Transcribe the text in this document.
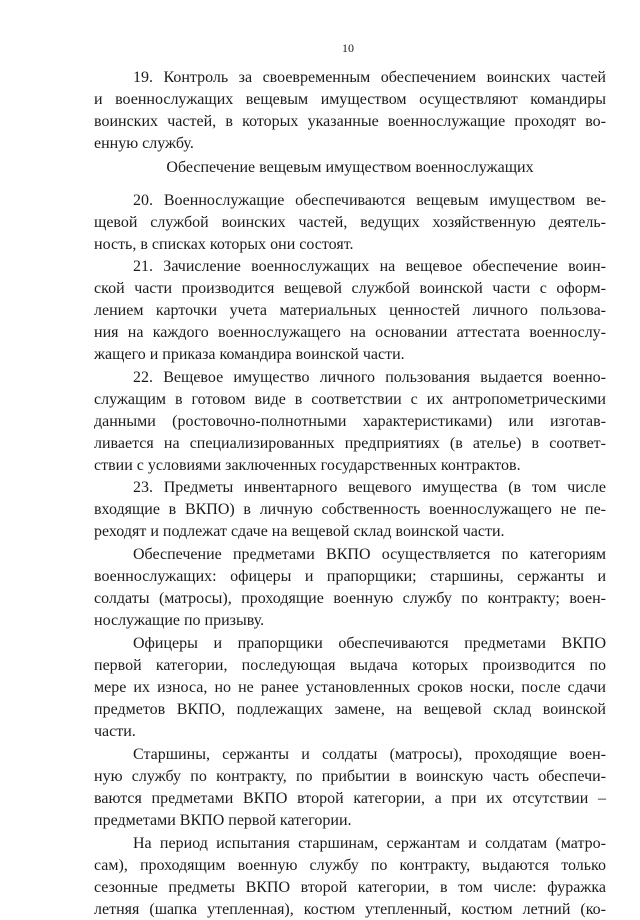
10
19. Контроль за своевременным обеспечением воинских частей
и военнослужащих вещевым имуществом осуществляют командиры
воинских частей, в которых указанные военнослужащие проходят во-
енную службу.
Обеспечение вещевым имуществом военнослужащих
20. Военнослужащие обеспечиваются вещевым имуществом ве-
щевой службой воинских частей, ведущих хозяйственную деятель-
ность, в списках которых они состоят.
21. Зачисление военнослужащих на вещевое обеспечение воин-
ской части производится вещевой службой воинской части с оформ-
лением карточки учета материальных ценностей личного пользова-
ния на каждого военнослужащего на основании аттестата военнослу-
жащего и приказа командира воинской части.
22. Вещевое имущество личного пользования выдается военно-
служащим в готовом виде в соответствии с их антропометрическими
данными (ростовочно-полнотными характеристиками) или изготав-
ливается на специализированных предприятиях (в ателье) в соответ-
ствии с условиями заключенных государственных контрактов.
23. Предметы инвентарного вещевого имущества (в том числе
входящие в ВКПО) в личную собственность военнослужащего не пе-
реходят и подлежат сдаче на вещевой склад воинской части.
Обеспечение предметами ВКПО осуществляется по категориям
военнослужащих: офицеры и прапорщики; старшины, сержанты и
солдаты (матросы), проходящие военную службу по контракту; воен-
нослужащие по призыву.
Офицеры и прапорщики обеспечиваются предметами ВКПО
первой категории, последующая выдача которых производится по
мере их износа, но не ранее установленных сроков носки, после сдачи
предметов ВКПО, подлежащих замене, на вещевой склад воинской
части.
Старшины, сержанты и солдаты (матросы), проходящие воен-
ную службу по контракту, по прибытии в воинскую часть обеспечи-
ваются предметами ВКПО второй категории, а при их отсутствии –
предметами ВКПО первой категории.
На период испытания старшинам, сержантам и солдатам (матро-
сам), проходящим военную службу по контракту, выдаются только
сезонные предметы ВКПО второй категории, в том числе: фуражка
летняя (шапка утепленная), костюм утепленный, костюм летний (ко-
